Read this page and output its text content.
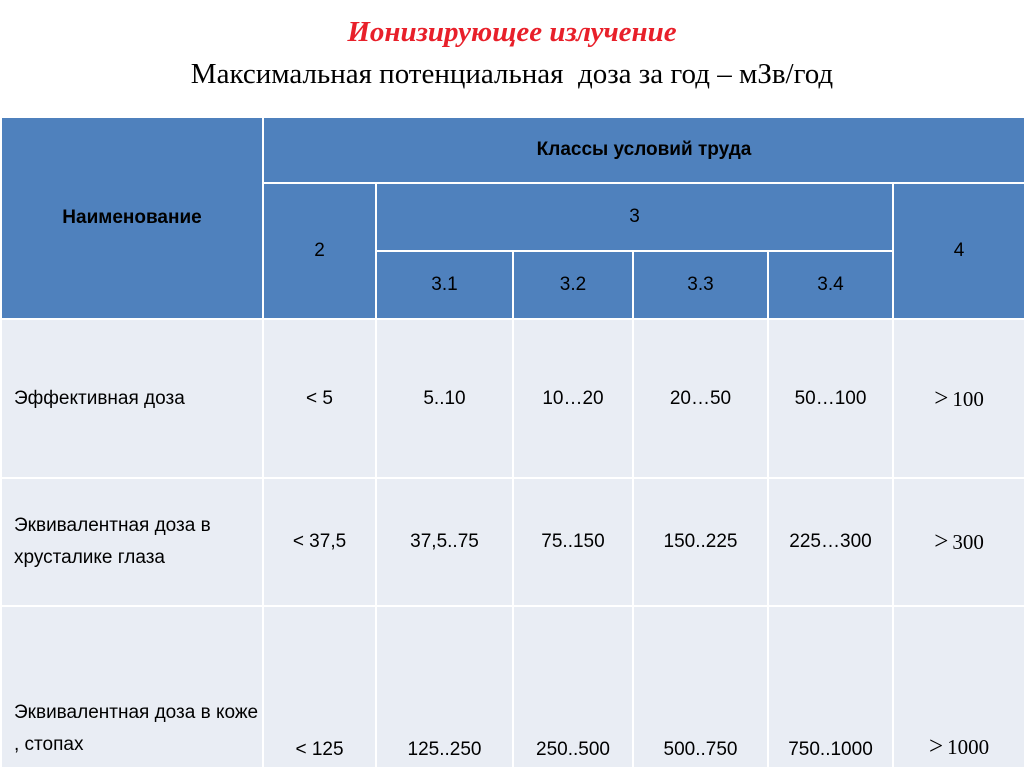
Ионизирующее излучение
Максимальная потенциальная  доза за год – мЗв/год
Наименование	Классы условий труда					
	2	3				4
		3.1	3.2	3.3	3.4	
Эффективная доза	< 5	5..10	10…20	20…50	50…100	> 100
Эквивалентная доза в хрусталике глаза	< 37,5	37,5..75	75..150	150..225	225…300	> 300
Эквивалентная доза в коже , стопах	< 125	125..250	250..500	500..750	750..1000	> 1000
